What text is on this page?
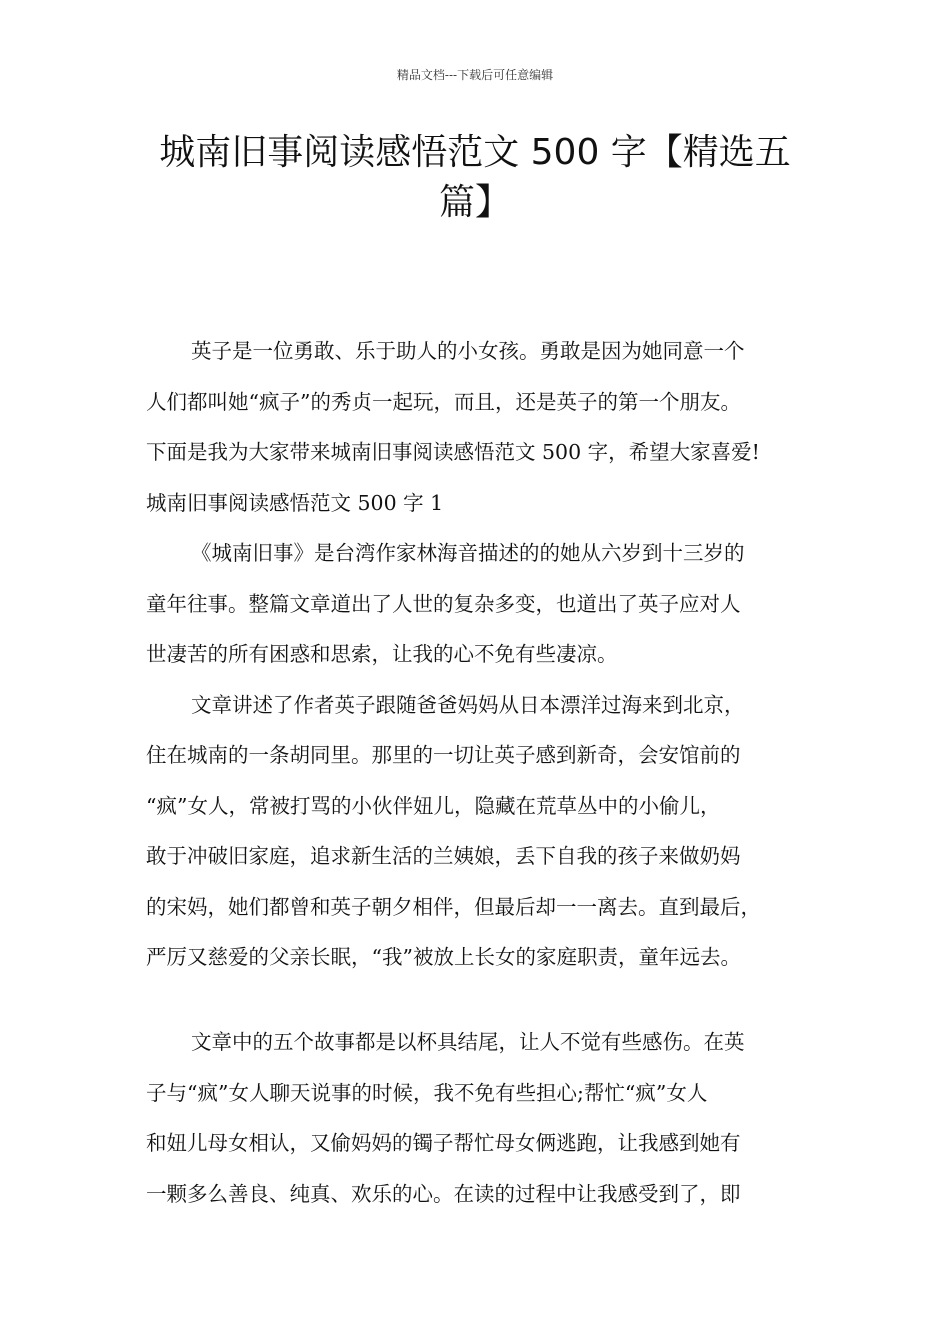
精品文档---下载后可任意编辑
城南旧事阅读感悟范文 500 字【精选五
篇】
英子是一位勇敢、乐于助人的小女孩。勇敢是因为她同意一个
人们都叫她“疯子”的秀贞一起玩，而且，还是英子的第一个朋友。
下面是我为大家带来城南旧事阅读感悟范文 500 字，希望大家喜爱!
城南旧事阅读感悟范文 500 字 1
《城南旧事》是台湾作家林海音描述的的她从六岁到十三岁的
童年往事。整篇文章道出了人世的复杂多变，也道出了英子应对人
世凄苦的所有困惑和思索，让我的心不免有些凄凉。
文章讲述了作者英子跟随爸爸妈妈从日本漂洋过海来到北京，
住在城南的一条胡同里。那里的一切让英子感到新奇，会安馆前的
“疯”女人，常被打骂的小伙伴妞儿，隐藏在荒草丛中的小偷儿，
敢于冲破旧家庭，追求新生活的兰姨娘，丢下自我的孩子来做奶妈
的宋妈，她们都曾和英子朝夕相伴，但最后却一一离去。直到最后，
严厉又慈爱的父亲长眠，“我”被放上长女的家庭职责，童年远去。
文章中的五个故事都是以杯具结尾，让人不觉有些感伤。在英
子与“疯”女人聊天说事的时候，我不免有些担心;帮忙“疯”女人
和妞儿母女相认，又偷妈妈的镯子帮忙母女俩逃跑，让我感到她有
一颗多么善良、纯真、欢乐的心。在读的过程中让我感受到了，即
